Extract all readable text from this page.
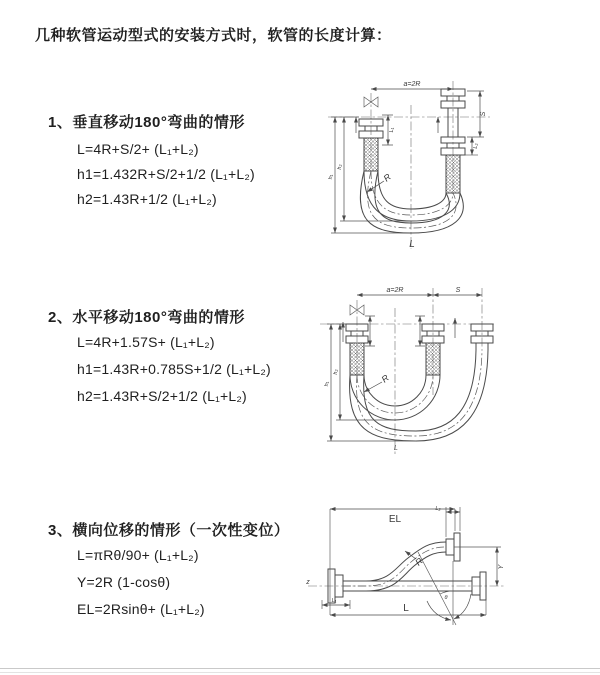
几种软管运动型式的安装方式时，软管的长度计算：
1、垂直移动180°弯曲的情形
L=4R+S/2+ (L₁+L₂)
h1=1.432R+S/2+1/2 (L₁+L₂)
h2=1.43R+1/2 (L₁+L₂)
2、水平移动180°弯曲的情形
L=4R+1.57S+ (L₁+L₂)
h1=1.43R+0.785S+1/2 (L₁+L₂)
h2=1.43R+S/2+1/2 (L₁+L₂)
3、横向位移的情形（一次性变位）
L=πRθ/90+ (L₁+L₂)
Y=2R (1-cosθ)
EL=2Rsinθ+ (L₁+L₂)
a=2R
L₁
S
L₂
h₂
h₁	R
L
a=2R	S
h₂
h₁	R
L
z
EL
L₂
Y
L
L₁	θ
R
